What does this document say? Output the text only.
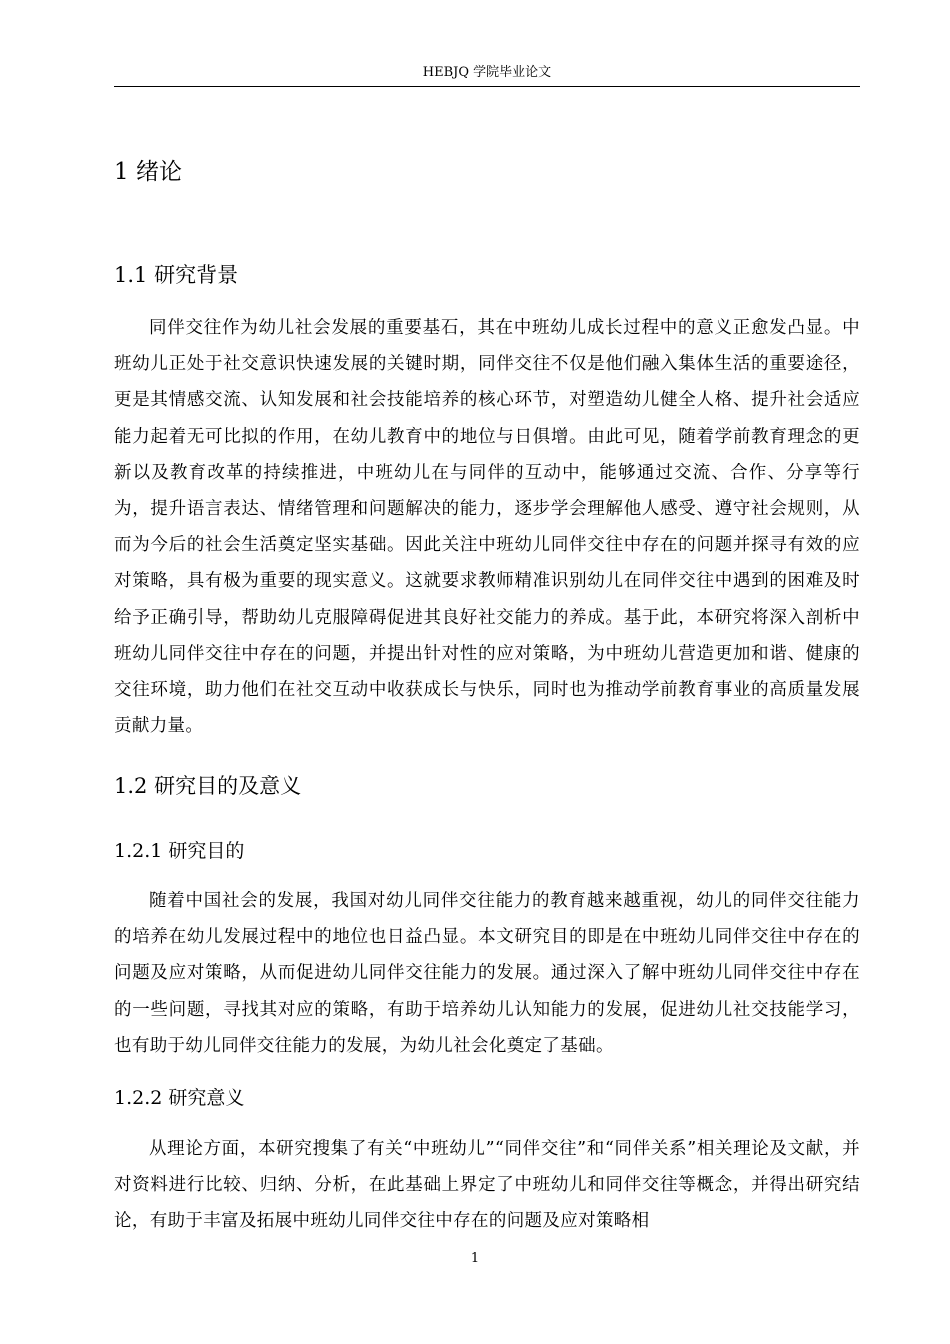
HEBJQ 学院毕业论文
1 绪论
1.1 研究背景

同伴交往作为幼儿社会发展的重要基石，其在中班幼儿成长过程中的意义正愈发凸显。中班幼儿正处于社交意识快速发展的关键时期，同伴交往不仅是他们融入集体生活的重要途径，更是其情感交流、认知发展和社会技能培养的核心环节，对塑造幼儿健全人格、提升社会适应能力起着无可比拟的作用，在幼儿教育中的地位与日俱增。由此可见，随着学前教育理念的更新以及教育改革的持续推进，中班幼儿在与同伴的互动中，能够通过交流、合作、分享等行为，提升语言表达、情绪管理和问题解决的能力，逐步学会理解他人感受、遵守社会规则，从而为今后的社会生活奠定坚实基础。因此关注中班幼儿同伴交往中存在的问题并探寻有效的应对策略，具有极为重要的现实意义。这就要求教师精准识别幼儿在同伴交往中遇到的困难及时给予正确引导，帮助幼儿克服障碍促进其良好社交能力的养成。基于此，本研究将深入剖析中班幼儿同伴交往中存在的问题，并提出针对性的应对策略，为中班幼儿营造更加和谐、健康的交往环境，助力他们在社交互动中收获成长与快乐，同时也为推动学前教育事业的高质量发展贡献力量。

1.2 研究目的及意义
1.2.1 研究目的

随着中国社会的发展，我国对幼儿同伴交往能力的教育越来越重视，幼儿的同伴交往能力的培养在幼儿发展过程中的地位也日益凸显。本文研究目的即是在中班幼儿同伴交往中存在的问题及应对策略，从而促进幼儿同伴交往能力的发展。通过深入了解中班幼儿同伴交往中存在的一些问题，寻找其对应的策略，有助于培养幼儿认知能力的发展，促进幼儿社交技能学习，也有助于幼儿同伴交往能力的发展，为幼儿社会化奠定了基础。

1.2.2 研究意义

从理论方面，本研究搜集了有关“中班幼儿”“同伴交往”和“同伴关系”相关理论及文献，并对资料进行比较、归纳、分析，在此基础上界定了中班幼儿和同伴交往等概念，并得出研究结论，有助于丰富及拓展中班幼儿同伴交往中存在的问题及应对策略相

1
